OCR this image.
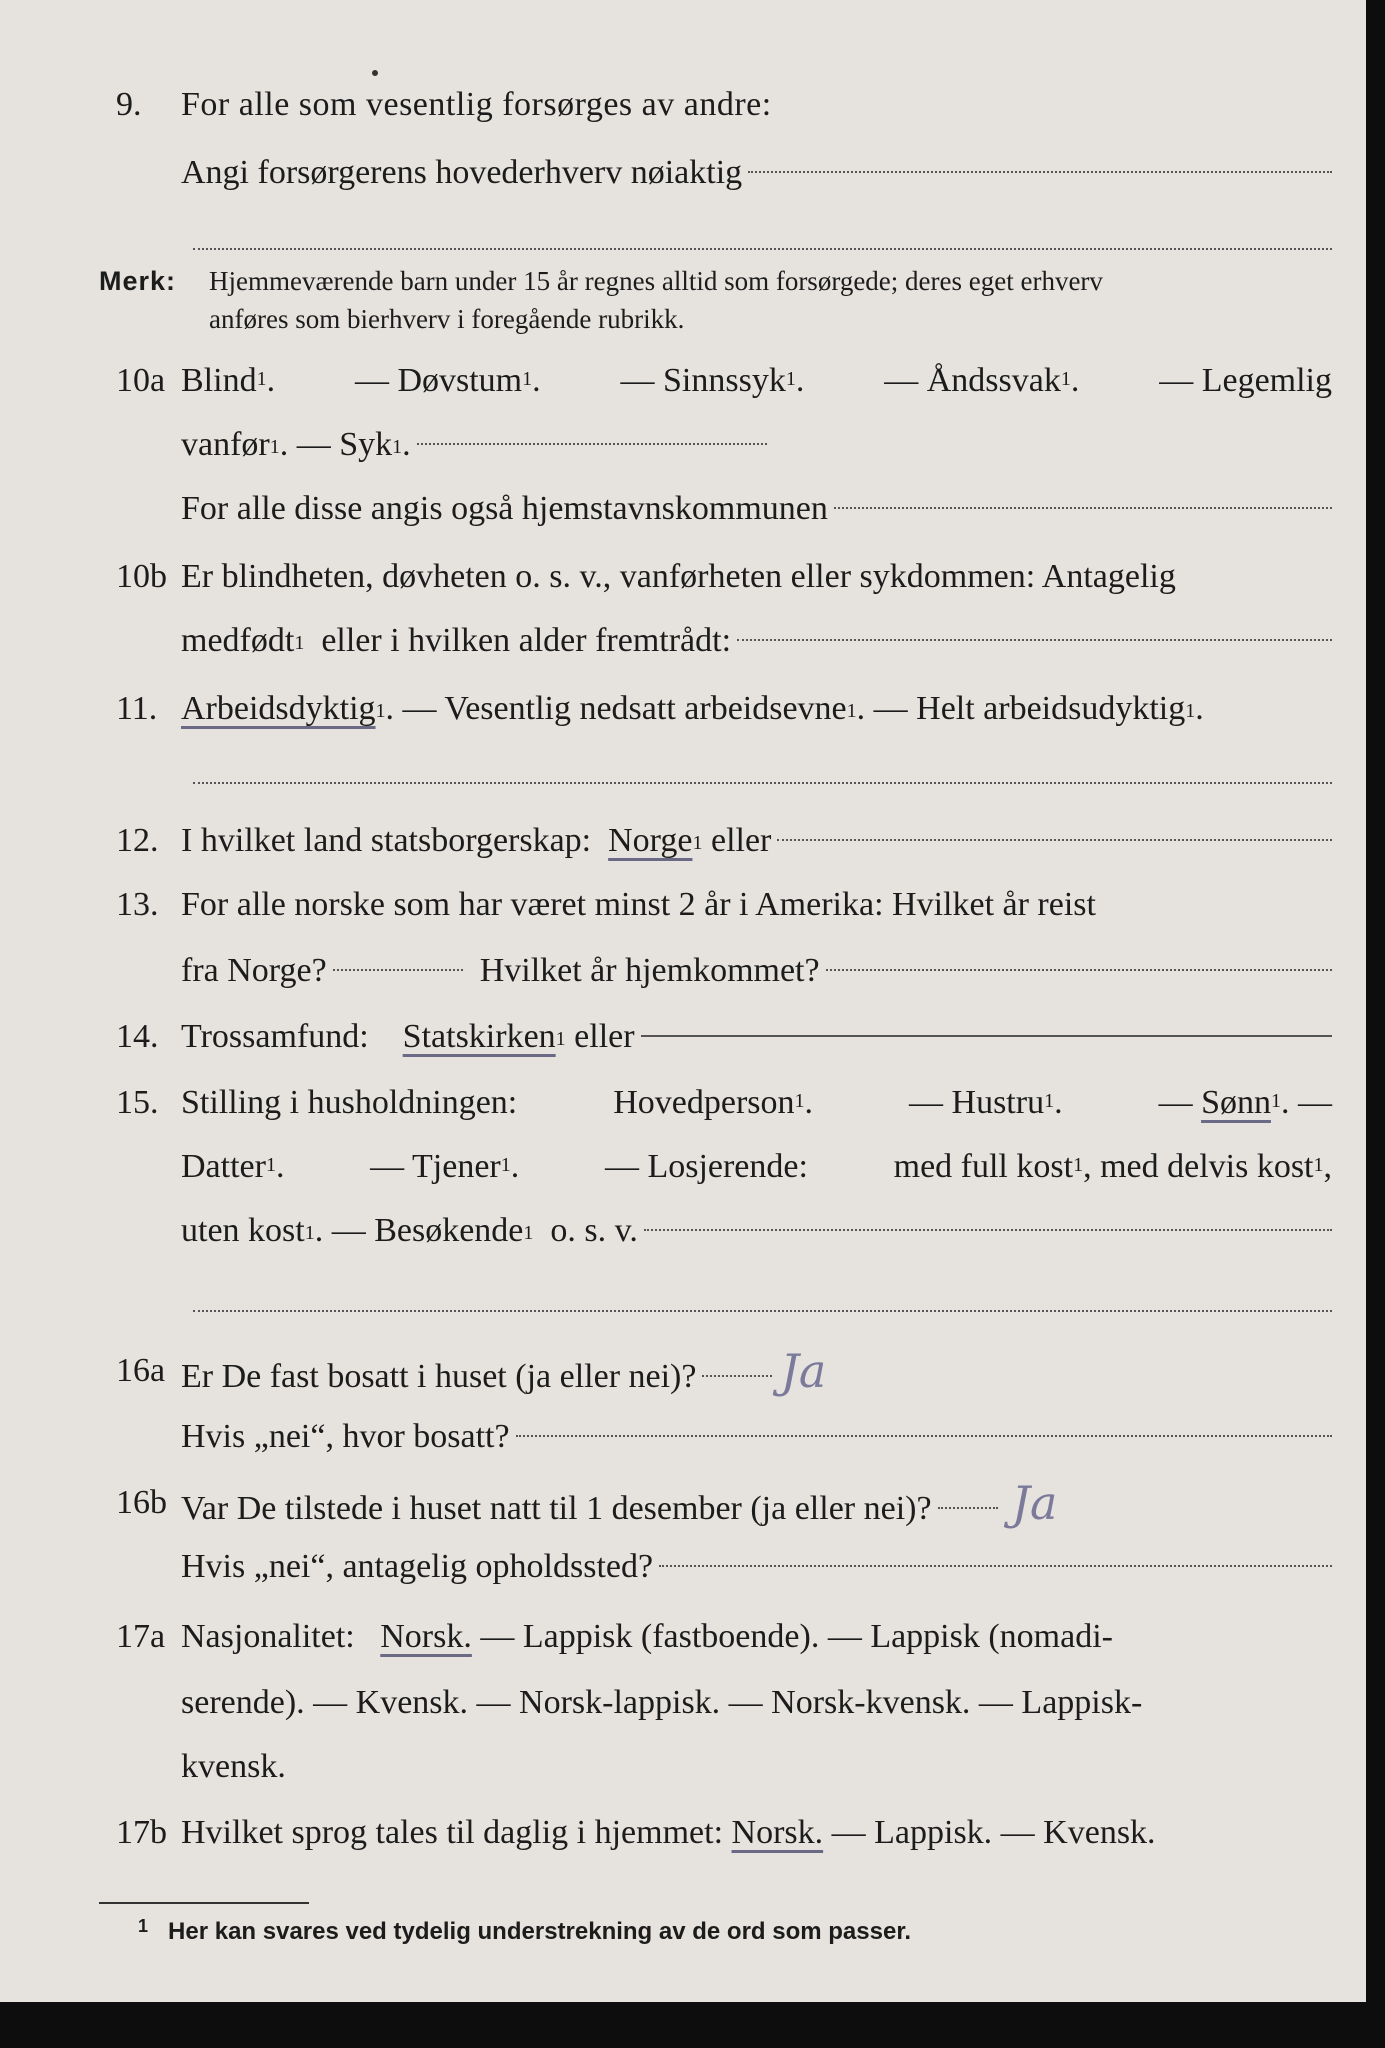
9. For alle som vesentlig forsørges av andre:
Angi forsørgerens hovederhverv nøiaktig
Merk: Hjemmeværende barn under 15 år regnes alltid som forsørgede; deres eget erhverv
anføres som bierhverv i foregående rubrikk.
10a Blind$^1$. — Døvstum$^1$. — Sinnssyk$^1$. — Åndssvak$^1$. — Legemlig
vanfør 1 . — Syk 1 .
For alle disse angis også hjemstavnskommunen
10b Er blindheten, døvheten o. s. v., vanførheten eller sykdommen: Antagelig
medfødt 1
eller i hvilken alder fremtrådt:
11. Arbeidsdyktig 1 . — Vesentlig nedsatt arbeidsevne 1 . — Helt arbeidsudyktig 1 .
12. I hvilket land statsborgerskap:
Norge 1
eller
13. For alle norske som har været minst 2 år i Amerika: Hvilket år reist
fra Norge?
	Hvilket år hjemkommet?
14. Trossamfund:
Statskirken 1
eller
15. Stilling i husholdningen:	Hovedperson$^1$.	— Hustru$^1$.	— Sønn$^1$. —
Datter$^1$.	— Tjener$^1$.	— Losjerende:	med full kost$^1$, med delvis kost$^1$,
uten kost 1 . — Besøkende 1
o. s. v.
16a Er De fast bosatt i huset (ja eller nei)? Ja
Hvis „nei“, hvor bosatt?
16b Var De tilstede i huset natt til 1 desember (ja eller nei)? Ja
Hvis „nei“, antagelig opholdssted?
17a Nasjonalitet:
Norsk.
— Lappisk (fastboende). — Lappisk (nomadi-
serende). — Kvensk. — Norsk-lappisk. — Norsk-kvensk. — Lappisk-
kvensk.
17b Hvilket sprog tales til daglig i hjemmet:
Norsk.
— Lappisk. — Kvensk.
$^1$ Her kan svares ved tydelig understrekning av de ord som passer.
